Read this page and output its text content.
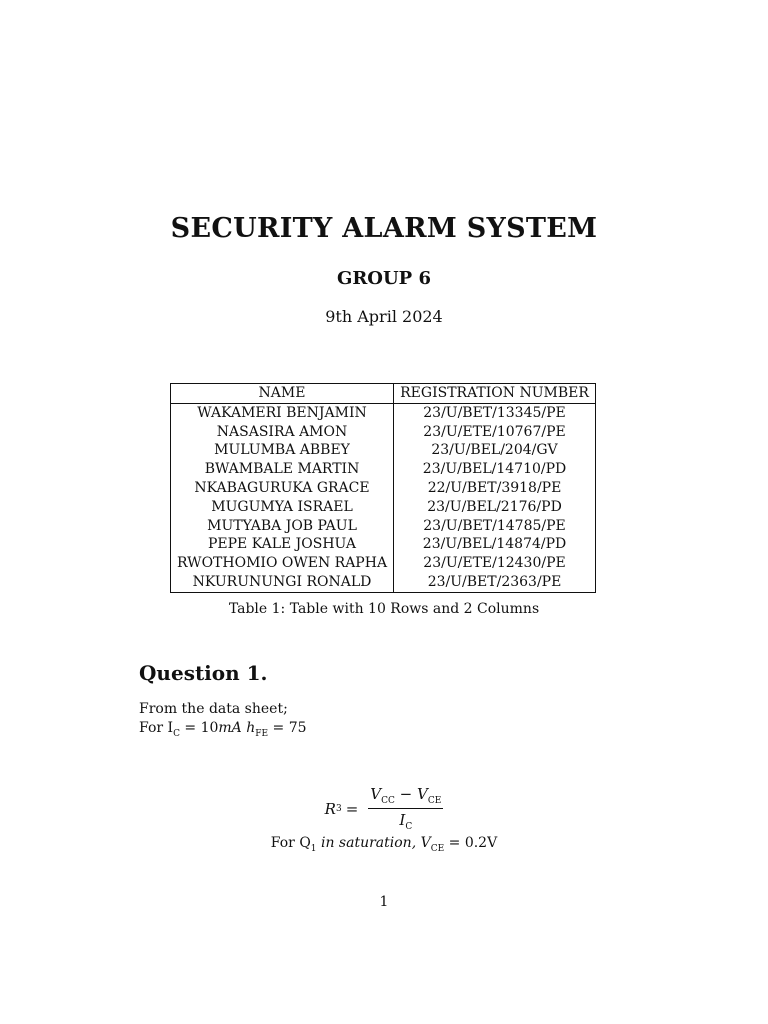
SECURITY ALARM SYSTEM
GROUP 6
9th April 2024
NAME	REGISTRATION NUMBER
WAKAMERI BENJAMIN	23/U/BET/13345/PE
NASASIRA AMON	23/U/ETE/10767/PE
MULUMBA ABBEY	23/U/BEL/204/GV
BWAMBALE MARTIN	23/U/BEL/14710/PD
NKABAGURUKA GRACE	22/U/BET/3918/PE
MUGUMYA ISRAEL	23/U/BEL/2176/PD
MUTYABA JOB PAUL	23/U/BET/14785/PE
PEPE KALE JOSHUA	23/U/BEL/14874/PD
RWOTHOMIO OWEN RAPHA	23/U/ETE/12430/PE
NKURUNUNGI RONALD	23/U/BET/2363/PE
Table 1: Table with 10 Rows and 2 Columns
Question 1.
From the data sheet;
For $I_C = 10mA$ $h_{FE} = 75$
R $3 = \frac{V_{CC} - V_{CE}}{I_C}$
For $Q_1$ in saturation, $V_{CE} = 0.2V$
1
